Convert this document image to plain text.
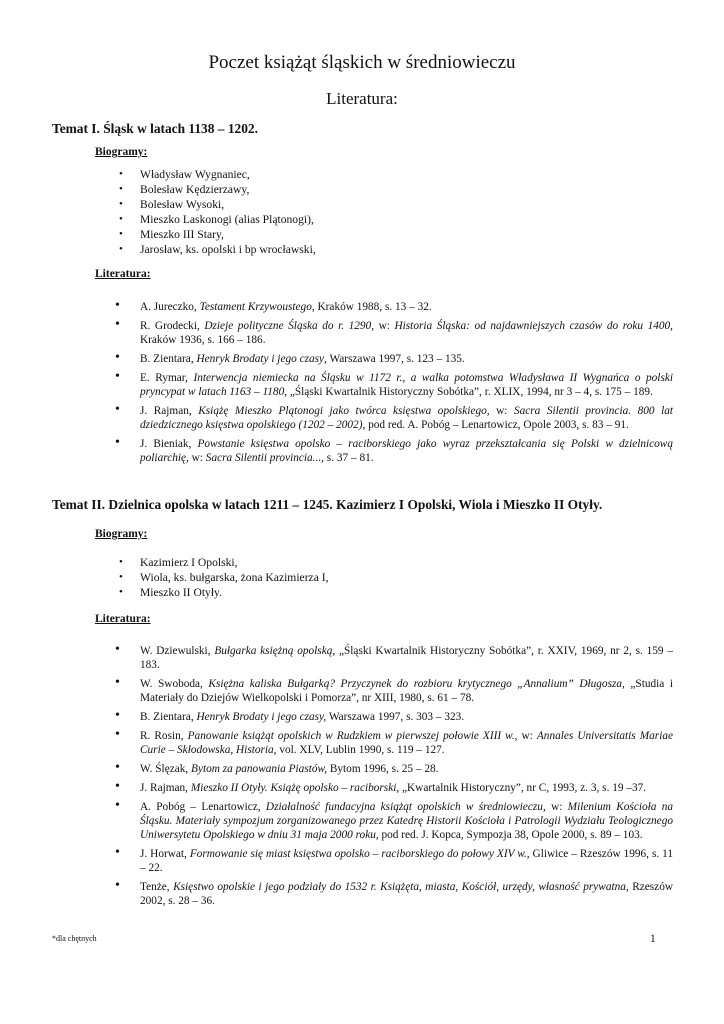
Poczet książąt śląskich w średniowieczu
Literatura:
Temat I. Śląsk w latach 1138 – 1202.
Biogramy:
• Władysław Wygnaniec,
• Bolesław Kędzierzawy,
• Bolesław Wysoki,
• Mieszko Laskonogi (alias Plątonogi),
• Mieszko III Stary,
• Jarosław, ks. opolski i bp wrocławski,
Literatura:
• A. Jureczko, Testament Krzywoustego, Kraków 1988, s. 13 – 32.
• R. Grodecki, Dzieje polityczne Śląska do r. 1290, w: Historia Śląska: od najdawniejszych czasów do roku 1400, Kraków 1936, s. 166 – 186.
• B. Zientara, Henryk Brodaty i jego czasy, Warszawa 1997, s. 123 – 135.
• E. Rymar, Interwencja niemiecka na Śląsku w 1172 r., a walka potomstwa Władysława II Wygnańca o polski pryncypat w latach 1163 – 1180, „Śląski Kwartalnik Historyczny Sobótka”, r. XLIX, 1994, nr 3 – 4, s. 175 – 189.
• J. Rajman, Książę Mieszko Plątonogi jako twórca księstwa opolskiego, w: Sacra Silentii provincia. 800 lat dziedzicznego księstwa opolskiego (1202 – 2002), pod red. A. Pobóg – Lenartowicz, Opole 2003, s. 83 – 91.
• J. Bieniak, Powstanie księstwa opolsko – raciborskiego jako wyraz przekształcania się Polski w dzielnicową poliarchię, w: Sacra Silentii provincia..., s. 37 – 81.
Temat II. Dzielnica opolska w latach 1211 – 1245. Kazimierz I Opolski, Wiola i Mieszko II Otyły.
Biogramy:
• Kazimierz I Opolski,
• Wiola, ks. bułgarska, żona Kazimierza I,
• Mieszko II Otyły.
Literatura:
• W. Dziewulski, Bułgarka księżną opolską, „Śląski Kwartalnik Historyczny Sobótka”, r. XXIV, 1969, nr 2, s. 159 – 183.
• W. Swoboda, Księżna kaliska Bułgarką? Przyczynek do rozbioru krytycznego „Annalium” Długosza, „Studia i Materiały do Dziejów Wielkopolski i Pomorza”, nr XIII, 1980, s. 61 – 78.
• B. Zientara, Henryk Brodaty i jego czasy, Warszawa 1997, s. 303 – 323.
• R. Rosin, Panowanie książąt opolskich w Rudzkiem w pierwszej połowie XIII w., w: Annales Universitatis Mariae Curie – Skłodowska, Historia, vol. XLV, Lublin 1990, s. 119 – 127.
• W. Ślęzak, Bytom za panowania Piastów, Bytom 1996, s. 25 – 28.
• J. Rajman, Mieszko II Otyły. Książę opolsko – raciborski, „Kwartalnik Historyczny”, nr C, 1993, z. 3, s. 19 –37.
• A. Pobóg – Lenartowicz, Działalność fundacyjna książąt opolskich w średniowieczu, w: Milenium Kościoła na Śląsku. Materiały sympozjum zorganizowanego przez Katedrę Historii Kościoła i Patrologii Wydziału Teologicznego Uniwersytetu Opolskiego w dniu 31 maja 2000 roku, pod red. J. Kopca, Sympozja 38, Opole 2000, s. 89 – 103.
• J. Horwat, Formowanie się miast księstwa opolsko – raciborskiego do połowy XIV w., Gliwice – Rzeszów 1996, s. 11 – 22.
• Tenże, Księstwo opolskie i jego podziały do 1532 r. Książęta, miasta, Kościół, urzędy, własność prywatna, Rzeszów 2002, s. 28 – 36.
*dla chętnych	1
